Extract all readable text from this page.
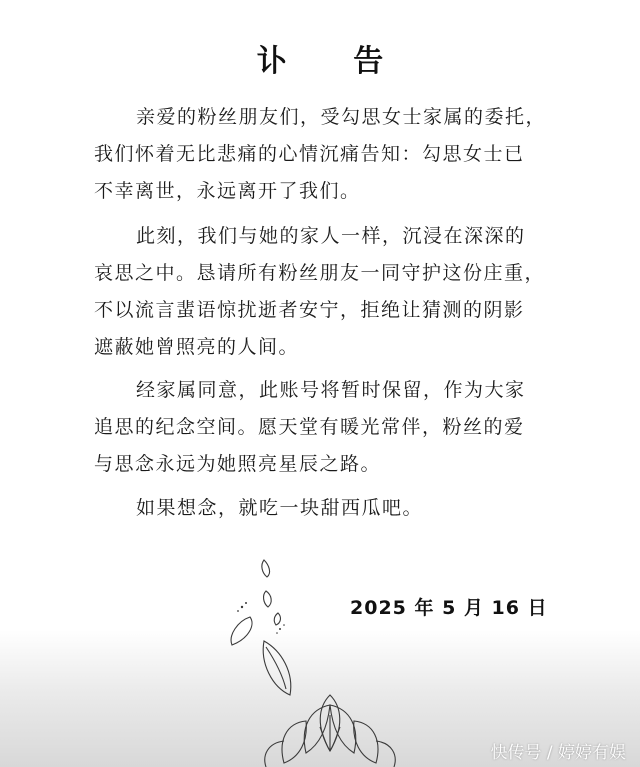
讣 告
亲爱的粉丝朋友们，受勾思女士家属的委托，
我们怀着无比悲痛的心情沉痛告知：勾思女士已
不幸离世，永远离开了我们。
此刻，我们与她的家人一样，沉浸在深深的
哀思之中。恳请所有粉丝朋友一同守护这份庄重，
不以流言蜚语惊扰逝者安宁，拒绝让猜测的阴影
遮蔽她曾照亮的人间。
经家属同意，此账号将暂时保留，作为大家
追思的纪念空间。愿天堂有暖光常伴，粉丝的爱
与思念永远为她照亮星辰之路。
如果想念，就吃一块甜西瓜吧。
2025 年 5 月 16 日
快传号 / 婷婷有娱
